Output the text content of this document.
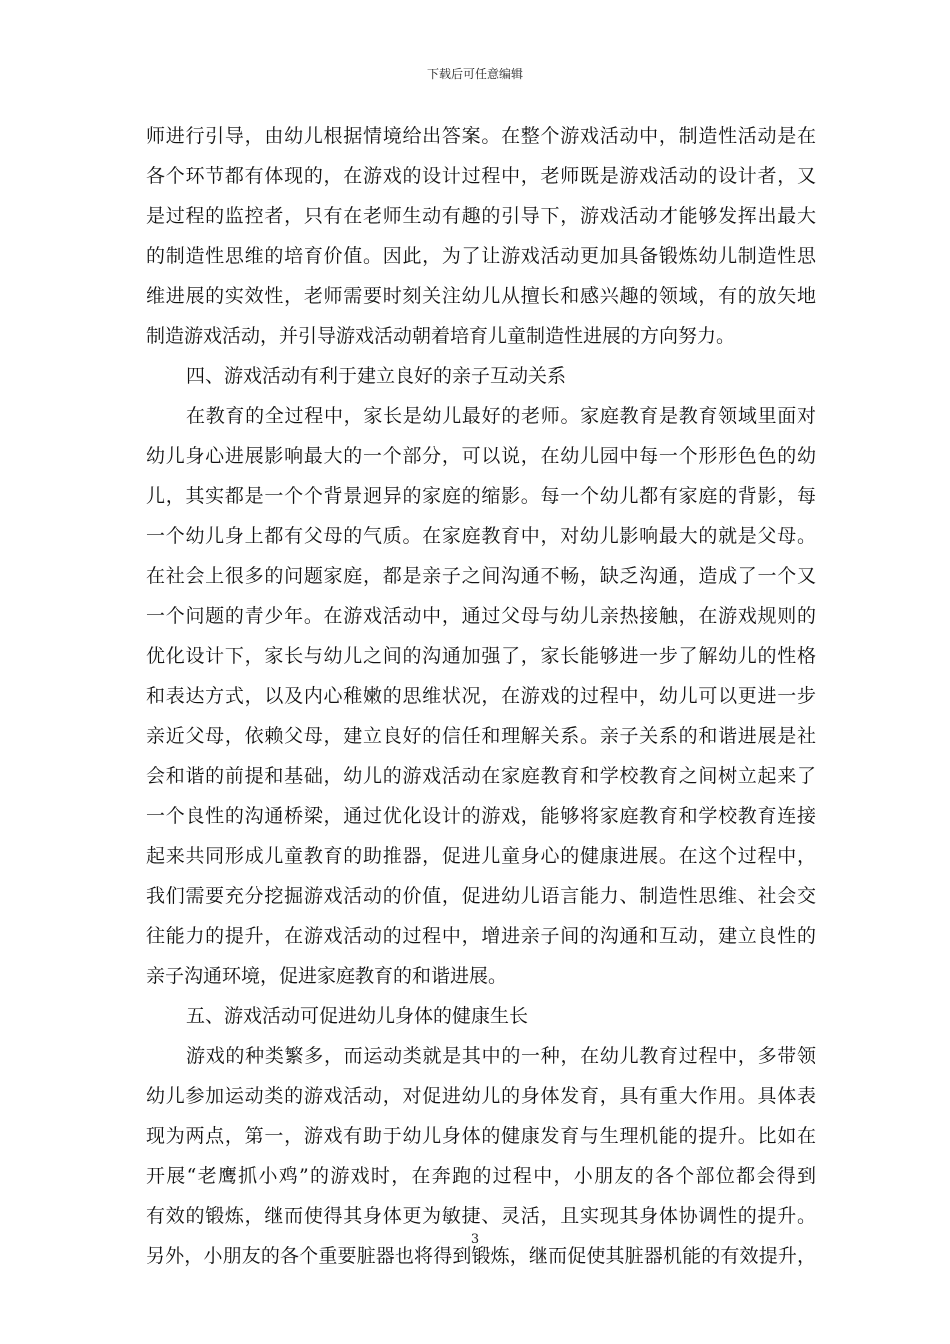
下载后可任意编辑
师进行引导，由幼儿根据情境给出答案。在整个游戏活动中，制造性活动是在
各个环节都有体现的，在游戏的设计过程中，老师既是游戏活动的设计者，又
是过程的监控者，只有在老师生动有趣的引导下，游戏活动才能够发挥出最大
的制造性思维的培育价值。因此，为了让游戏活动更加具备锻炼幼儿制造性思
维进展的实效性，老师需要时刻关注幼儿从擅长和感兴趣的领域，有的放矢地
制造游戏活动，并引导游戏活动朝着培育儿童制造性进展的方向努力。
四、游戏活动有利于建立良好的亲子互动关系
在教育的全过程中，家长是幼儿最好的老师。家庭教育是教育领域里面对
幼儿身心进展影响最大的一个部分，可以说，在幼儿园中每一个形形色色的幼
儿，其实都是一个个背景迥异的家庭的缩影。每一个幼儿都有家庭的背影，每
一个幼儿身上都有父母的气质。在家庭教育中，对幼儿影响最大的就是父母。
在社会上很多的问题家庭，都是亲子之间沟通不畅，缺乏沟通，造成了一个又
一个问题的青少年。在游戏活动中，通过父母与幼儿亲热接触，在游戏规则的
优化设计下，家长与幼儿之间的沟通加强了，家长能够进一步了解幼儿的性格
和表达方式，以及内心稚嫩的思维状况，在游戏的过程中，幼儿可以更进一步
亲近父母，依赖父母，建立良好的信任和理解关系。亲子关系的和谐进展是社
会和谐的前提和基础，幼儿的游戏活动在家庭教育和学校教育之间树立起来了
一个良性的沟通桥梁，通过优化设计的游戏，能够将家庭教育和学校教育连接
起来共同形成儿童教育的助推器，促进儿童身心的健康进展。在这个过程中，
我们需要充分挖掘游戏活动的价值，促进幼儿语言能力、制造性思维、社会交
往能力的提升，在游戏活动的过程中，增进亲子间的沟通和互动，建立良性的
亲子沟通环境，促进家庭教育的和谐进展。
五、游戏活动可促进幼儿身体的健康生长
游戏的种类繁多，而运动类就是其中的一种，在幼儿教育过程中，多带领
幼儿参加运动类的游戏活动，对促进幼儿的身体发育，具有重大作用。具体表
现为两点，第一，游戏有助于幼儿身体的健康发育与生理机能的提升。比如在
开展“老鹰抓小鸡”的游戏时，在奔跑的过程中，小朋友的各个部位都会得到
有效的锻炼，继而使得其身体更为敏捷、灵活，且实现其身体协调性的提升。
另外，小朋友的各个重要脏器也将得到锻炼，继而促使其脏器机能的有效提升，
3
